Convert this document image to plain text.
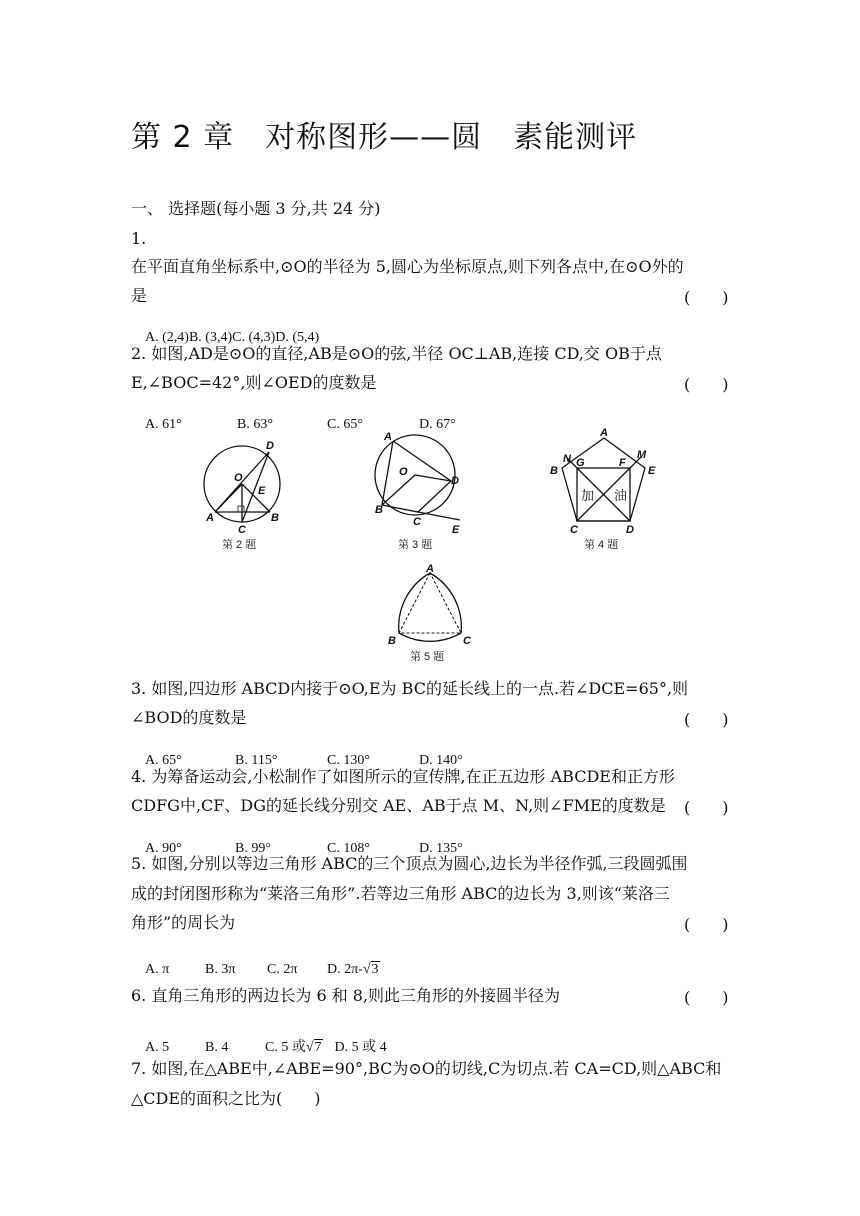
第 2 章　对称图形——圆　素能测评
一、 选择题(每小题 3 分,共 24 分)
1.
在平面直角坐标系中,⊙O的半径为 5,圆心为坐标原点,则下列各点中,在⊙O外的
是	(　　)

A. (2,4)B. (3,4)C. (4,3)D. (5,4)

2. 如图,AD是⊙O的直径,AB是⊙O的弦,半径 OC⊥AB,连接 CD,交 OB于点
E,∠BOC=42°,则∠OED的度数是	(　　)

A. 61°	B. 63°	C. 65°	D. 67°

D
O
E
A	B
C
第 2 题
A
O
D
B
C
E
第 3 题
A
N G	F
M
B	E
C	D
加 油
第 4 题
A
B	C
第 5 题
3. 如图,四边形 ABCD内接于⊙O,E为 BC的延长线上的一点.若∠DCE=65°,则
∠BOD的度数是	(　　)

A. 65°	B. 115°	C. 130°	D. 140°

4. 为筹备运动会,小松制作了如图所示的宣传牌,在正五边形 ABCDE和正方形
CDFG中,CF、DG的延长线分别交 AE、AB于点 M、N,则∠FME的度数是 (　　)

A. 90°	B. 99°	C. 108°	D. 135°

5. 如图,分别以等边三角形 ABC的三个顶点为圆心,边长为半径作弧,三段圆弧围
成的封闭图形称为“莱洛三角形”.若等边三角形 ABC的边长为 3,则该“莱洛三
角形”的周长为	(　　)

A. π	B. 3π C. 2π D. 2π-√3

6. 直角三角形的两边长为 6 和 8,则此三角形的外接圆半径为	(　　)

A. 5	B. 4	C. 5 或√7 D. 5 或 4

7. 如图,在△ABE中,∠ABE=90°,BC为⊙O的切线,C为切点.若 CA=CD,则△ABC和
△CDE的面积之比为(　　)
